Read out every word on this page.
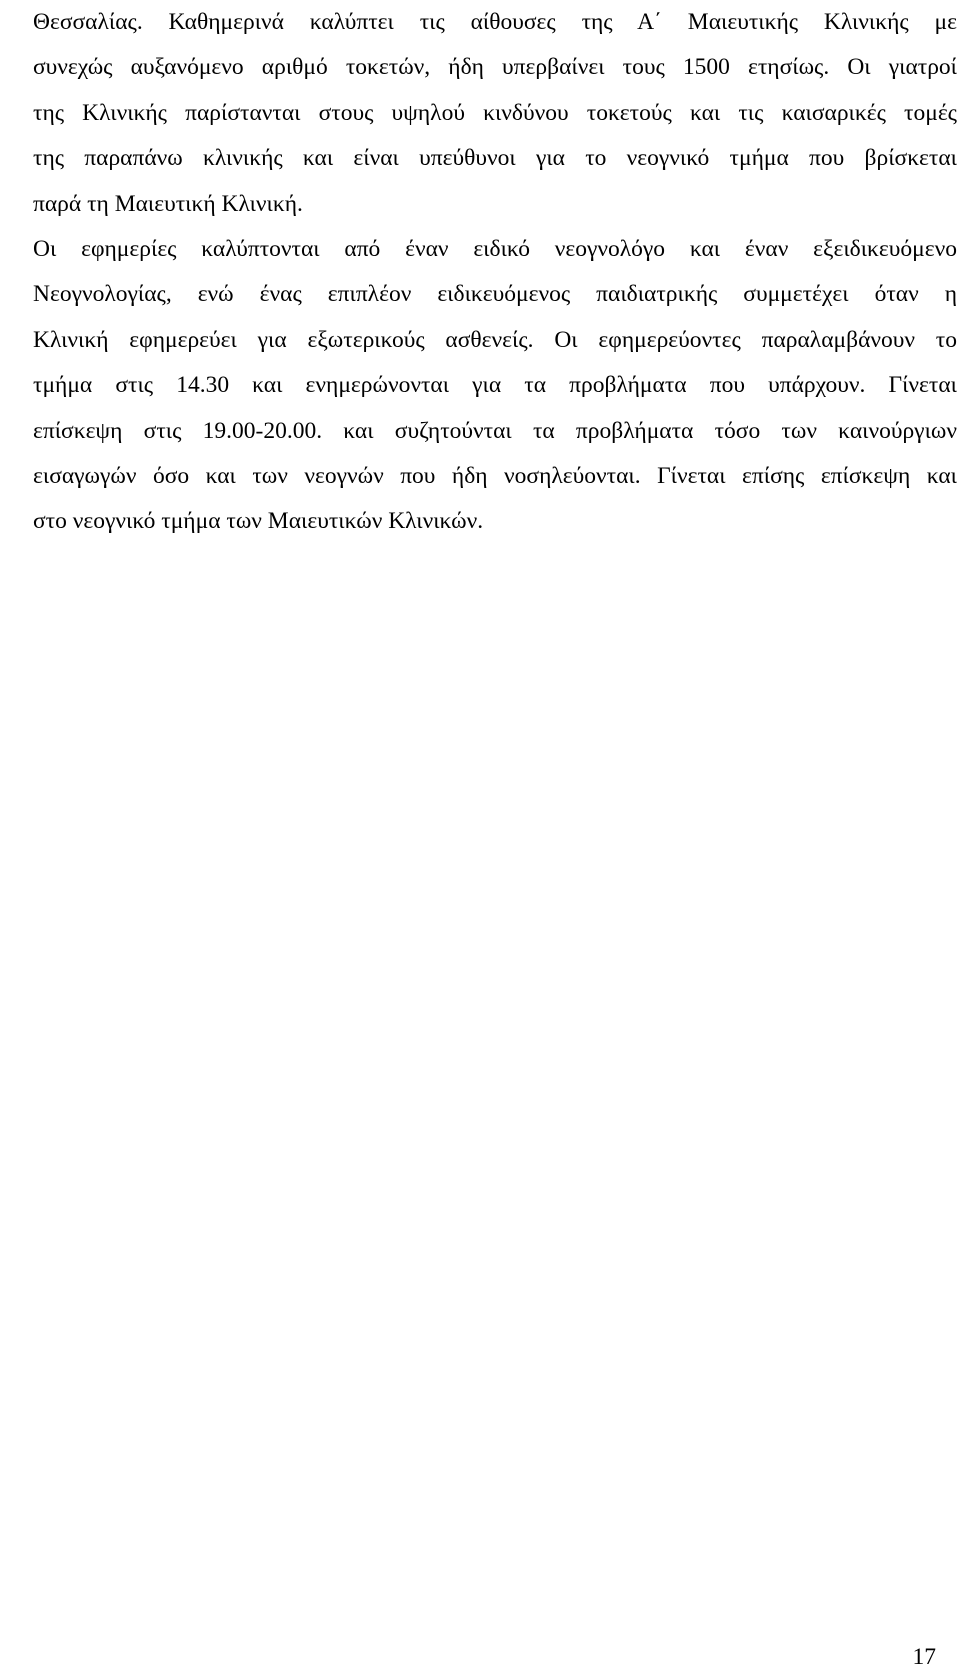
Θεσσαλίας. Καθημερινά καλύπτει τις αίθουσες της Α΄ Μαιευτικής Κλινικής με
συνεχώς αυξανόμενο αριθμό τοκετών, ήδη υπερβαίνει τους 1500 ετησίως. Οι γιατροί
της Κλινικής παρίστανται στους υψηλού κινδύνου τοκετούς και τις καισαρικές τομές
της παραπάνω κλινικής και είναι υπεύθυνοι για το νεογνικό τμήμα που βρίσκεται
παρά τη Μαιευτική Κλινική.
Οι εφημερίες καλύπτονται από έναν ειδικό νεογνολόγο και έναν εξειδικευόμενο
Νεογνολογίας, ενώ ένας επιπλέον ειδικευόμενος παιδιατρικής συμμετέχει όταν η
Κλινική εφημερεύει για εξωτερικούς ασθενείς. Οι εφημερεύοντες παραλαμβάνουν το
τμήμα στις 14.30 και ενημερώνονται για τα προβλήματα που υπάρχουν. Γίνεται
επίσκεψη στις 19.00-20.00. και συζητούνται τα προβλήματα τόσο των καινούργιων
εισαγωγών όσο και των νεογνών που ήδη νοσηλεύονται. Γίνεται επίσης επίσκεψη και
στο νεογνικό τμήμα των Μαιευτικών Κλινικών.
17
